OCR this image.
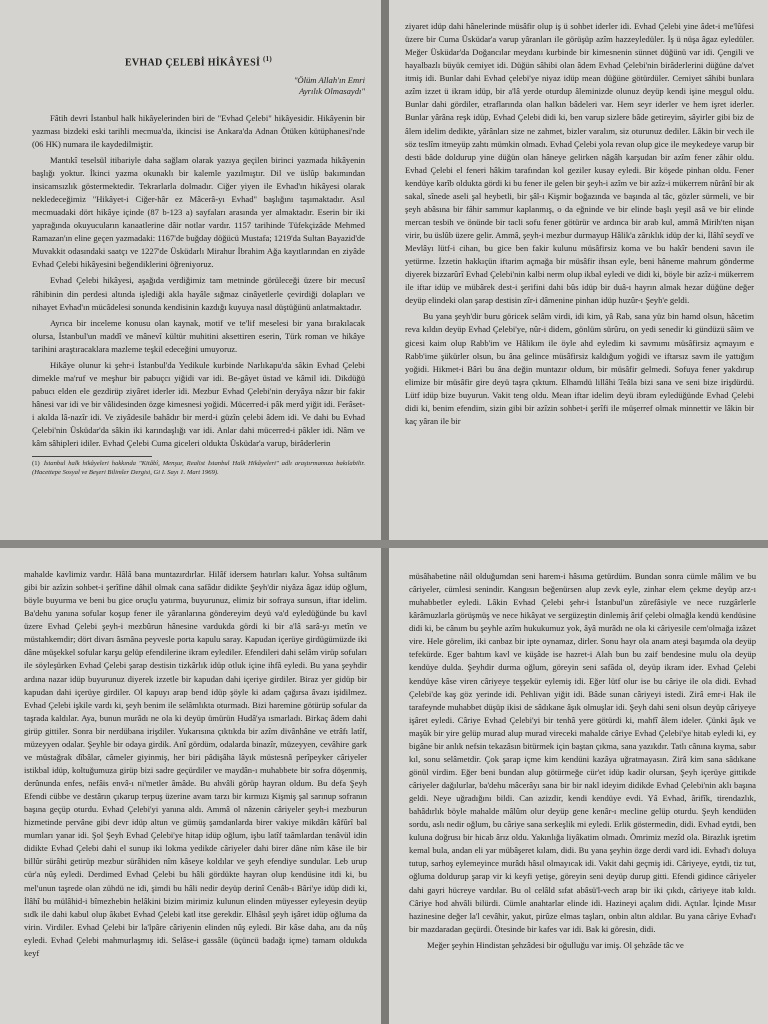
EVHAD ÇELEBİ HİKÂYESİ $^{(1)}$
"Ölüm Allah'ın Emri
Ayrılık Olmasaydı"

Fâtih devri İstanbul halk hikâyelerinden biri de "Evhad Çelebi" hikâyesidir. Hikâyenin bir yazması bizdeki eski tarihli mecmua'da, ikincisi ise Ankara'da Adnan Ötüken kütüphanesi'nde (06 HK) numara ile kaydedilmiştir.

Mantıkî teselsül itibariyle daha sağlam olarak yazıya geçilen birinci yazmada hikâyenin başlığı yoktur. İkinci yazma okunaklı bir kalemle yazılmıştır. Dil ve üslûp bakımından insicamsızlık göstermektedir. Tekrarlarla dolmadır. Ciğer yiyen ile Evhad'ın hikâyesi olarak nekledeceğimiz "Hikâyet-i Ciğer-hâr ez Mâcerâ-yı Evhad" başlığını taşımaktadır. Asıl mecmuadaki dört hikâye içinde (87 b-123 a) sayfaları arasında yer almaktadır. Eserin bir iki yaprağında okuyucuların kanaatlerine dâir notlar vardır. 1157 tarihinde Tüfekçizâde Mehmed Ramazan'ın eline geçen yazmadaki: 1167'de buğday döğücü Mustafa; 1219'da Sultan Bayazid'de Muvakkit odasındaki saatçı ve 1227'de Üsküdarlı Mirahur İbrahim Ağa kayıtlarından en ziyâde Evhad Çelebi hikâyesini beğendiklerini öğreniyoruz.

Evhad Çelebi hikâyesi, aşağıda verdiğimiz tam metninde görüleceği üzere bir mecusî râhibinin din perdesi altında işlediği akla hayâle sığmaz cinâyetlerle çevirdiği dolapları ve nihayet Evhad'ın mücâdelesi sonunda kendisinin kazdığı kuyuya nasıl düştüğünü anlatmaktadır.

Ayrıca bir inceleme konusu olan kaynak, motif ve te'lif meselesi bir yana bırakılacak olursa, İstanbul'un maddî ve mânevî kültür muhitini aksettiren eserin, Türk roman ve hikâye tarihini araştıracaklara mazleme teşkil edeceğini umuyoruz.

Hikâye olunur ki şehr-i İstanbul'da Yedikule kurbinde Narlıkapu'da sâkin Evhad Çelebi dimekle ma'ruf ve meşhur bir pabuçcı yiğidi var idi. Be-gâyet üstad ve kâmil idi. Dikdüğü pabucı elden ele gezdirüp ziyâret iderler idi. Mezbur Evhad Çelebi'nin deryâya nâzır bir fakir hânesi var idi ve bir vâlidesinden özge kimesnesi yoğidi. Mücerred-i pâk merd yiğit idi. Ferâset-i akılda lâ-nazîr idi. Ve ziyâdesile bahâdır bir merd-i güzîn çelebi âdem idi. Ve dahi bu Evhad Çelebi'nin Üsküdar'da sâkin iki karındaşlığı var idi. Anlar dahi mücerred-i pâkler idi. Nâm ve kâm sâhipleri idiler. Evhad Çelebi Cuma giceleri oldukta Üsküdar'a varup, birâderlerin

(1) İstanbul halk hikâyeleri hakkında "Kitâbî, Menşur, Realist İstanbul Halk Hikâyeleri" adlı araştırmamıza bakılabilir. (Hacettepe Sosyal ve Beşeri Bilimler Dergisi, Gi I. Sayı 1. Mart 1969).

ziyaret idüp dahi hânelerinde müsâfir olup iş ü sohbet iderler idi. Evhad Çelebi yine âdet-i me'lûfesi üzere bir Cuma Üsküdar'a varup yâranları ile görüşüp azîm hazzeyledüler. İş ü nüşa âgaz eyledüler. Meğer Üsküdar'da Doğancılar meydanı kurbinde bir kimesnenin sünnet düğünü var idi. Çengili ve hayalbazlı büyük cemiyet idi. Düğün sâhibi olan âdem Evhad Çelebi'nin birâderlerini düğüne da'vet itmiş idi. Bunlar dahi Evhad çelebi'ye niyaz idüp mean düğüne götürdüler. Cemiyet sâhibi bunlara azîm izzet ü ikram idüp, bir a'lâ yerde oturdup âleminizde olunuz deyüp kendi işine meşgul oldu. Bunlar dahi gördiler, etraflarında olan halkın bâdeleri var. Hem seyr iderler ve hem işret iderler. Bunlar yârâna reşk idüp, Evhad Çelebi didi ki, ben varup sizlere bâde getireyim, sâyirler gibi biz de âlem idelim dedikte, yârânları size ne zahmet, bizler varalım, siz oturunuz dediler. Lâkin bir vech ile söz teslîm itmeyüp zahtı mümkin olmadı. Evhad Çelebi yola revan olup gice ile meykedeye varup bir desti bâde doldurup yine düğün olan hâneye gelirken nâgâh karşudan bir azîm fener zâhir oldu. Evhad Çelebi el feneri hâkim tarafından kol geziler kusay eyledi. Bir köşede pinhan oldu. Fener kendüye karîb oldukta gördi ki bu fener ile gelen bir şeyh-i azîm ve bir azîz-i mükerrem nûrânî bir ak sakal, sînede aseli şal heybetli, bir şâl-ı Kişmir boğazında ve başında al tâc, gözler sürmeli, ve bir şeyh abâsına bir fâhir sammur kaplanmış, o da eğninde ve bir elinde başlı yeşil asâ ve bir elinde mercan tesbih ve önünde bir tacli sofu fener götürür ve ardınca bir arab kul, ammâ Mirih'ten nişan virir, bu üslûb üzere gelir. Ammâ, şeyh-i mezbur durmayup Hâlik'a zârıklık idüp der ki, İlâhî seydî ve Mevlâyı lütf-i cihan, bu gice ben fakir kulunu müsâfirsiz koma ve bu hakîr bendeni savın ile yetürme. İzzetin hakkıçün iftarim açmağa bir müsâfir ihsan eyle, beni hâneme mahrum gönderme diyerek bizzarûrî Evhad Çelebi'nin kalbi nerm olup ikbal eyledi ve didi ki, böyle bir azîz-i mükerrem ile iftar idüp ve mübârek dest-i şerifini dahi bûs idüp bir duâ-ı hayrın almak hezar düğüne değer deyüp elindeki olan şarap destisin zîr-i dâmenine pinhan idüp huzûr-ı Şeyh'e geldi.

Bu yana şeyh'dir buru göricek selâm virdi, idi kim, yâ Rab, sana yüz bin hamd olsun, hâcetim reva kıldın deyüp Evhad Çelebi'ye, nûr-i didem, gönlüm sürûru, on yedi senedir ki gündüzü sâim ve gicesi kaim olup Rabb'im ve Hâlikım ile öyle ahd eyledim ki savmımı müsâfirsiz açmayım e Rabb'ime şükürler olsun, bu âna gelince müsâfirsiz kaldığum yoğidi ve iftarsız savm ile yattığım yoğidi. Hikmet-i Bâri bu âna değin muntazır oldum, bir müsâfir gelmedi. Sofuya fener yakdırup elimize bir müsâfir gire deyü taşra çıktum. Elhamdü lillâhi Teâla bizi sana ve seni bize irişdürdü. Lütf idüp bize buyurun. Vakit teng oldu. Mean iftar idelim deyü ibram eyledüğünde Evhad Çelebi didi ki, benim efendim, sizin gibi bir azîzin sohbet-i şerîfi ile müşerref olmak minnettir ve lâkin bir kaç yâran ile bir

mahalde kavlimiz vardır. Hâlâ bana muntazırdırlar. Hilâf idersem hatırları kalur. Yohsa sultânım gibi bir azîzin sohbet-i şerîfine dâhil olmak cana safâdır didikte Şeyh'dir niyâza âgaz idüp oğlum, böyle buyurma ve beni bu gice oruçlu yatırma, buyurunuz, elimiz bir sofraya sunsun, iftar idelim. Ba'dehu yanına sofular koşup fener ile yâranlarına göndereyim deyü va'd eyledüğünde bu kavl üzere Evhad Çelebi şeyh-i mezbûrun hânesine vardukda gördi ki bir a'lâ sarâ-yı metîn ve müstahkemdir; dört divarı âsmâna peyvesle porta kapulu saray. Kapudan içerüye girdügümüzde iki dâne müşekkel sofular karşu gelüp efendilerine ikram eylediler. Efendileri dahi selâm virüp sofuları ile söyleşürken Evhad Çelebi şarap destisin tizkârlık idüp otluk içine ihfâ eyledi. Bu yana şeyhdir ardına nazar idüp buyurunuz diyerek izzetle bir kapudan dahi içeriye girdiler. Biraz yer gidüp bir kapudan dahi içerüye girdiler. Ol kapuyı arap bend idüp şöyle ki adam çağırsa âvazı işidilmez. Evhad Çelebi işkile vardı ki, şeyh benim ile selâmlıkta oturmadı. Bizi haremine götürüp sofular da taşrada kaldılar. Aya, bunun murâdı ne ola ki deyüp ümürün Hudâ'ya ısmarladı. Birkaç âdem dahi girüp gittiler. Sonra bir nerdübana irişdiler. Yukarısına çıktıkda bir azîm divânhâne ve etrâfı latîf, müzeyyen odalar. Şeyhle bir odaya girdik. Anî gördüm, odalarda binazîr, müzeyyen, cevâhire gark ve müstağrak dîbâlar, câmeler giyinmiş, her biri pâdişâha lâyık müstesnâ perîpeyker câriyeler istikbal idüp, koltuğumuza girüp bizi sadre geçürdiler ve maydân-ı muhabbete bir sofra döşenmiş, derûnunda enfes, nefâis envâ-ı ni'metler âmâde. Bu ahvâli görüp hayran oldum. Bu defa Şeyh Efendi cübbe ve destârın çıkarup terpuş üzerine avam tarzı bir kırmızı Kişmiş şal sarınup sofranın başına geçüp oturdu. Evhad Çelebi'yi yanına aldı. Ammâ ol nâzenin câriyeler şeyh-i mezburun hizmetinde pervâne gibi devr idüp altun ve gümüş şamdanlarda birer vakiye mikdârı kâfûrî bal mumları yanar idi. Şol Şeyh Evhad Çelebi'ye hitap idüp oğlum, işbu latîf taâmlardan tenâvül idin didikte Evhad Çelebi dahi el sunup iki lokma yedikde câriyeler dahi birer dâne nîm kâse ile bir billûr sürâhi getirüp mezbur sürâhiden nîm kâseye koldılar ve şeyh efendiye sundular. Leb urup cür'a nûş eyledi. Derdimed Evhad Çelebi bu hâli gördükte hayran olup kendüsine itdi ki, bu mel'unun taşrede olan zühdü ne idi, şimdi bu hâli nedir deyüp derinî Cenâb-ı Bâri'ye idüp didi ki, İlâhî bu mülâhid-i bîmezhebin helâkini bizim mirimiz kulunun elinden müyesser eyleyesin deyüp sıdk ile dahi kabul olup âkıbet Evhad Çelebi katl itse gerekdir. Elhâsıl şeyh işâret idüp oğluma da virin. Virdiler. Evhad Çelebi bir la'lpâre câriyenin elinden nûş eyledi. Bir kâse daha, anı da nûş eyledi. Evhad Çelebi mahmurlaşmış idi. Selâse-i gassâle (üçüncü badağı içme) tamam oldukda keyf

müsâhabetine nâil olduğumdan seni harem-i hâsıma getürdüm. Bundan sonra cümle mâlim ve bu câriyeler, cümlesi senindir. Kangısın beğenürsen alup zevk eyle, zinhar elem çekme deyüp arz-ı muhabbetler eyledi. Lâkin Evhad Çelebi şehr-i İstanbul'un zürefâsiyle ve nece ruzgârlerle kârâmuzlarla görüşmüş ve nece hikâyat ve sergüzeştin dinlemiş ârif çelebi olmağla kendü kendüsine didi ki, be cânım bu şeyhle azîm hukukumuz yok, âyâ murâdı ne ola ki câriyesile cem'olmağa izâzet vire. Hele görelim, iki canbaz bir ipte oynamaz, dirler. Sonu hayr ola anam ateşi başımda ola deyüp tefekürde. Eger bahtım kavl ve küşâde ise hazret-i Alah bun bu zaif bendesine mulu ola deyüp kendüye dulda. Şeyhdir durma oğlum, göreyin seni safâda ol, deyüp ikram ider. Evhad Çelebi kendüye kâse viren câriyeye teşşekür eylemiş idi. Eğer lütf olur ise bu câriye ile ola didi. Evhad Çelebi'de kaş göz yerinde idi. Pehlivan yiğit idi. Bâde sunan câriyeyi istedi. Zirâ emr-i Hak ile tarafeynde muhabbet düşüp ikisi de sâdıkane âşık olmuşlar idi. Şeyh dahi seni olsun deyüp câriyeye işâret eyledi. Câriye Evhad Çelebi'yi bir tenhâ yere götürdi ki, mahfî âlem ideler. Çünki âşık ve maşûk bir yire gelüp murad alup murad vireceki mahalde câriye Evhad Çelebi'ye hitab eyledi ki, ey bigâne bir anlık nefsin tekazâsın bitürmek için baştan çıkma, sana yazıkdır. Tatlı cânına kıyma, sabır kıl, sonu selâmetdir. Çok şarap içme kim kendüni kazâya uğratmayasın. Zirâ kim sana sâdıkane gönül virdim. Eğer beni bundan alup götürmeğe cür'et idüp kadir olursan, Şeyh içerüye gittikde câriyeler dağılurlar, ba'dehu mâcerâyı sana bir bir nakl ideyim didikde Evhad Çelebi'nin aklı başına geldi. Neye uğradığını bildi. Can azizdir, kendi kendüye evdi. Yâ Evhad, ârifîk, tirendazlık, bahâdırlık böyle mahalde mâlûm olur deyüp gene kenâr-ı mecline gelüp oturdu. Şeyh kendüden sordu, aslı nedir oğlum, bu câriye sana serkeşlik mi eyledi. Erlik göstermedin, didi. Evhad eytdi, ben kuluna doğrusı bir hicab ârız oldu. Yakınlığa liyâkatim olmadı. Ömrimiz mezîd ola. Birazlık işretim kemal bula, andan eli yar mübâşeret kılam, didi. Bu yana şeyhin özge derdi vard idi. Evhad'ı doluya tutup, sarhoş eylemeyince murâdı hâsıl olmayıcak idi. Vakit dahi geçmiş idi. Câriyeye, eytdi, tiz tut, oğluma doldurup şarap vir ki keyfi yetişe, göreyin seni deyüp durup gitti. Efendi gidince câriyeler dahi gayri hücreye vardılar. Bu ol celâld sıfat abâsü'l-vech arap bir iki çıkdı, câriyeye itab kıldı. Câriye hod ahvâli bilürdi. Cümle anahtarlar elinde idi. Hazineyi açalım didi. Açtılar. İçinde Mısır hazinesine değer la'l cevâhir, yakut, pirûze elmas taşları, onbin altın aldılar. Bu yana câriye Evhad'ı bir mazdaradan geçürdi. Ötesinde bir kafes var idi. Bak ki göresin, didi.

Meğer şeyhin Hindistan şehzâdesi bir oğulluğu var imiş. Ol şehzâde tâc ve
